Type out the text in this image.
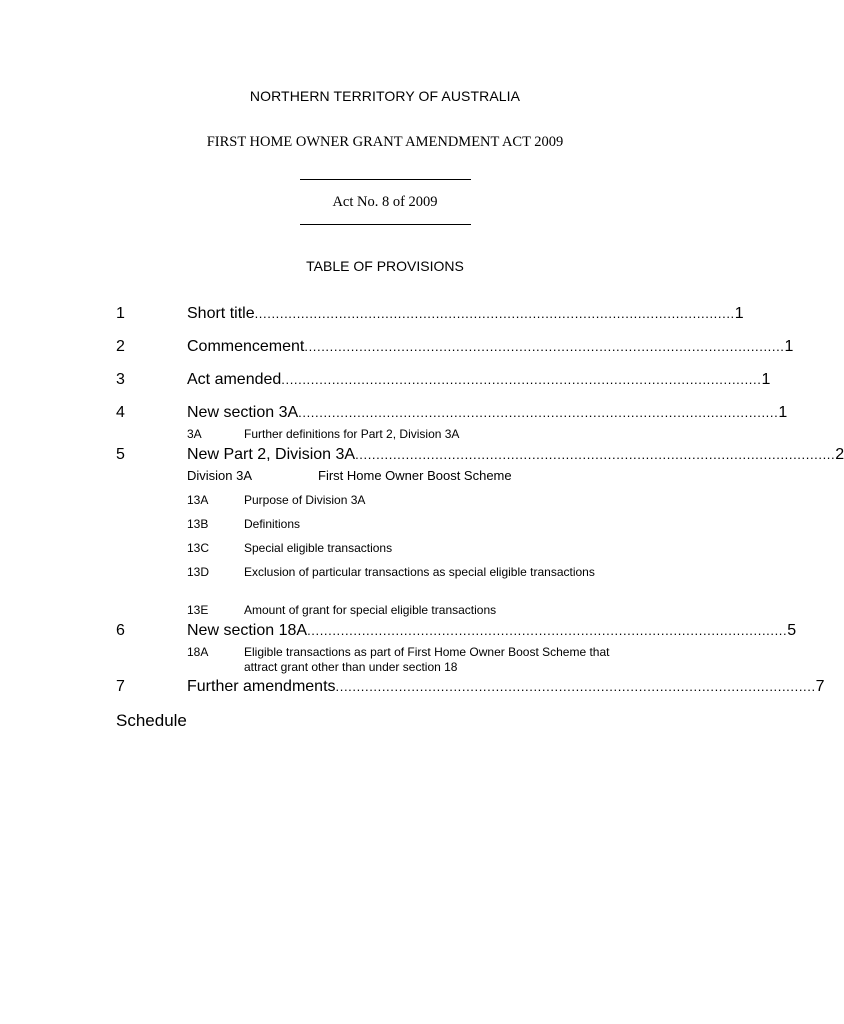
NORTHERN TERRITORY OF AUSTRALIA
FIRST HOME OWNER GRANT AMENDMENT ACT 2009
Act No. 8 of 2009
TABLE OF PROVISIONS
1	Short title .................................................................................................................. 1
2	Commencement .................................................................................................................. 1
3	Act amended .................................................................................................................. 1
4	New section 3A .................................................................................................................. 1
3A	Further definitions for Part 2, Division 3A
5	New Part 2, Division 3A .................................................................................................................. 2
Division 3A	First Home Owner Boost Scheme
13A	Purpose of Division 3A
13B	Definitions
13C	Special eligible transactions
13D	Exclusion of particular transactions as special eligible transactions
13E	Amount of grant for special eligible transactions
6	New section 18A .................................................................................................................. 5
18A	Eligible transactions as part of First Home Owner Boost Scheme that attract grant other than under section 18
7	Further amendments .................................................................................................................. 7
Schedule
